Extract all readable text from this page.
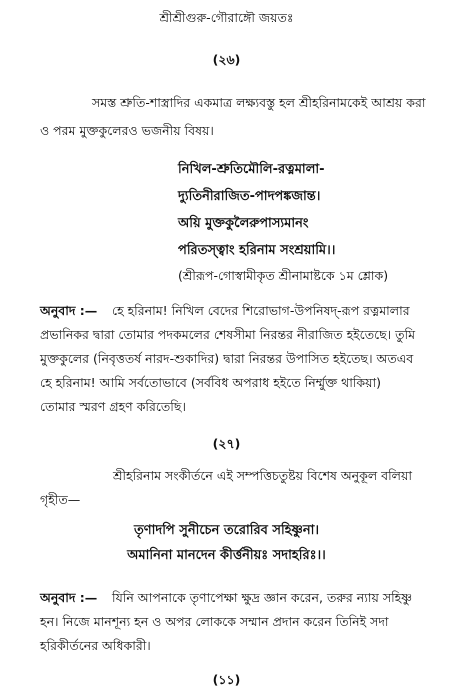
শ্রীশ্রীগুরু-গৌরাঙ্গৌ জয়তঃ
(২৬)
সমস্ত শ্রুতি-শাস্ত্রাদির একমাত্র লক্ষ্যবস্তু হল শ্রীহরিনামকেই আশ্রয় করা
ও পরম মুক্তকুলেরও ভজনীয় বিষয়।
নিখিল-শ্রুতিমৌলি-রত্নমালা-
দ্যুতিনীরাজিত-পাদপঙ্কজান্ত।
অয়ি মুক্তকুলৈরুপাস্যমানং
পরিতস্ত্বাং হরিনাম সংশ্রয়ামি।।
(শ্রীরূপ-গোস্বামীকৃত শ্রীনামাষ্টকে ১ম শ্লোক)
অনুবাদ :— হে হরিনাম! নিখিল বেদের শিরোভাগ-উপনিষদ্-রূপ রত্নমালার
প্রভানিকর দ্বারা তোমার পদকমলের শেষসীমা নিরন্তর নীরাজিত হইতেছে। তুমি
মুক্তকুলের (নিবৃত্ততর্ষ নারদ-শুকাদির) দ্বারা নিরন্তর উপাসিত হইতেছ। অতএব
হে হরিনাম! আমি সর্বতোভাবে (সর্ববিধ অপরাধ হইতে নির্ম্মুক্ত থাকিয়া)
তোমার স্মরণ গ্রহণ করিতেছি।
(২৭)
শ্রীহরিনাম সংকীর্তনে এই সম্পত্তিচতুষ্টয় বিশেষ অনুকূল বলিয়া
গৃহীত—
তৃণাদপি সুনীচেন তরোরিব সহিষ্ণুনা।
অমানিনা মানদেন কীর্ত্তনীয়ঃ সদাহরিঃ।।
অনুবাদ :— যিনি আপনাকে তৃণাপেক্ষা ক্ষুদ্র জ্ঞান করেন, তরুর ন্যায় সহিষ্ণু
হন। নিজে মানশূন্য হন ও অপর লোককে সম্মান প্রদান করেন তিনিই সদা
হরিকীর্তনের অধিকারী।
(১১)
